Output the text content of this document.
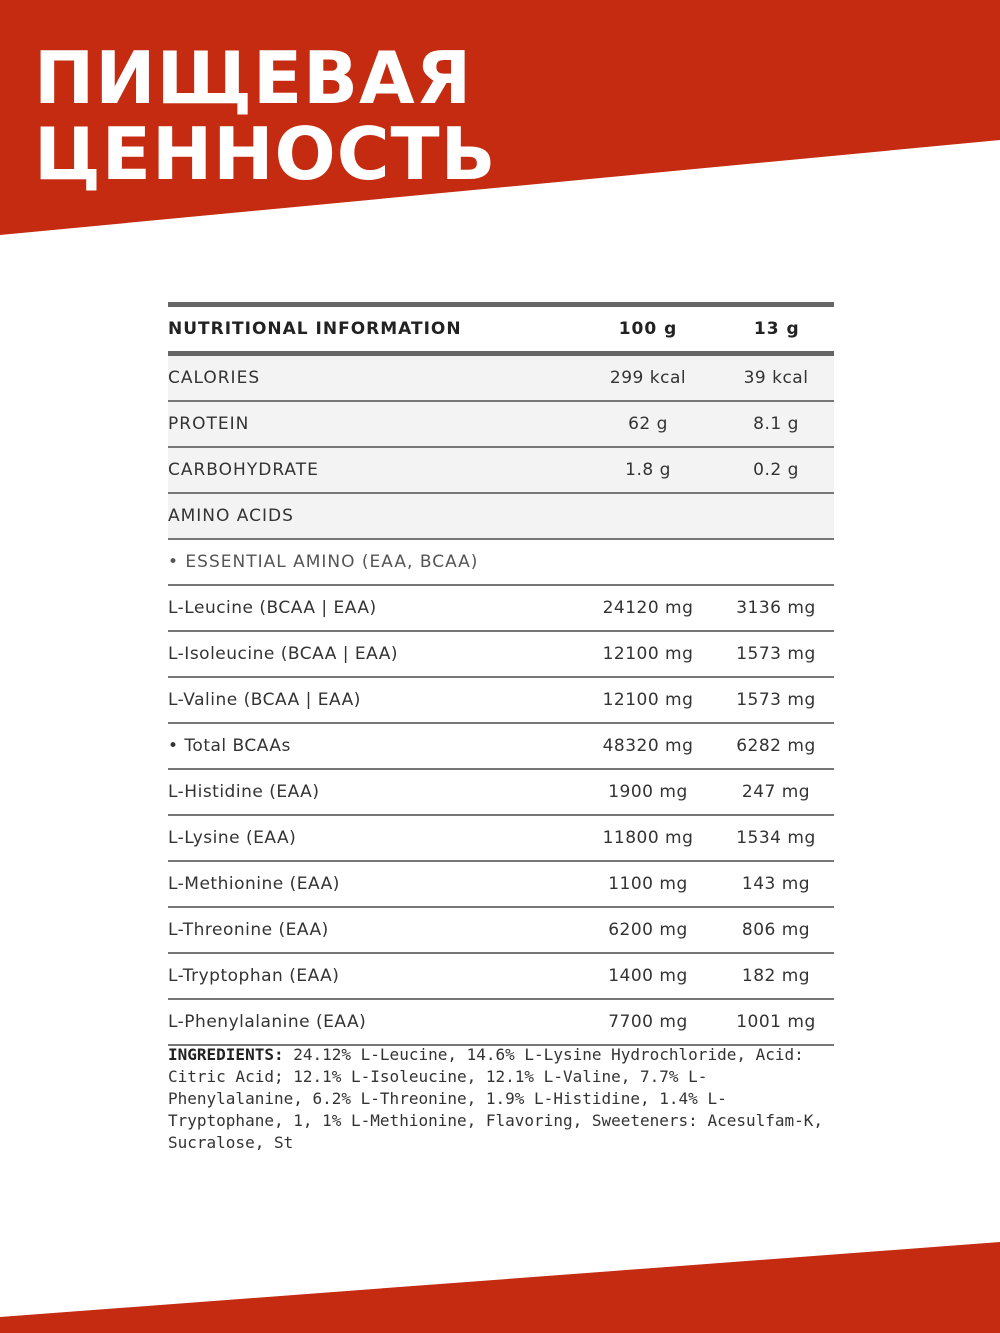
ПИЩЕВАЯ
ЦЕННОСТЬ
NUTRITIONAL INFORMATION	100 g	13 g
CALORIES	299 kcal	39 kcal
PROTEIN	62 g	8.1 g
CARBOHYDRATE	1.8 g	0.2 g
AMINO ACIDS		
• ESSENTIAL AMINO (EAA, BCAA)		
L-Leucine (BCAA | EAA)	24120 mg	3136 mg
L-Isoleucine (BCAA | EAA)	12100 mg	1573 mg
L-Valine (BCAA | EAA)	12100 mg	1573 mg
• Total BCAAs	48320 mg	6282 mg
L-Histidine (EAA)	1900 mg	247 mg
L-Lysine (EAA)	11800 mg	1534 mg
L-Methionine (EAA)	1100 mg	143 mg
L-Threonine (EAA)	6200 mg	806 mg
L-Tryptophan (EAA)	1400 mg	182 mg
L-Phenylalanine (EAA)	7700 mg	1001 mg

INGREDIENTS: 24.12% L-Leucine, 14.6% L-Lysine Hydrochloride, Acid: Citric Acid; 12.1% L-Isoleucine, 12.1% L-Valine, 7.7% L-Phenylalanine, 6.2% L-Threonine, 1.9% L-Histidine, 1.4% L-Tryptophane, 1, 1% L-Methionine, Flavoring, Sweeteners: Acesulfam-K, Sucralose, St
